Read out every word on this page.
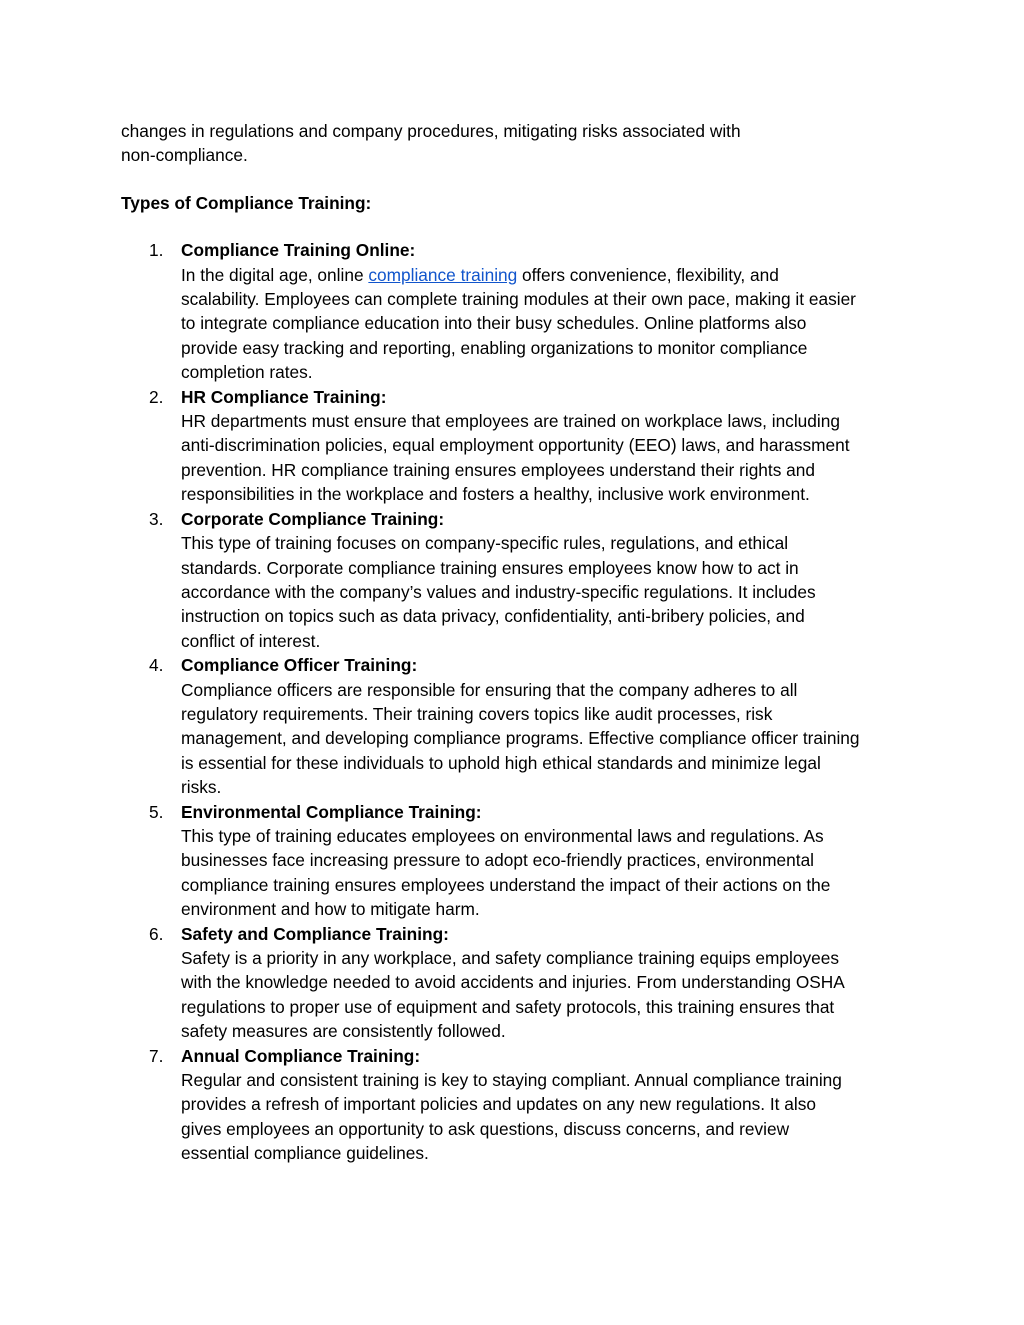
changes in regulations and company procedures, mitigating risks associated with
non-compliance.

Types of Compliance Training:

1.	Compliance Training Online:
In the digital age, online compliance training offers convenience, flexibility, and
scalability. Employees can complete training modules at their own pace, making it easier
to integrate compliance education into their busy schedules. Online platforms also
provide easy tracking and reporting, enabling organizations to monitor compliance
completion rates.
2.	HR Compliance Training:
HR departments must ensure that employees are trained on workplace laws, including
anti-discrimination policies, equal employment opportunity (EEO) laws, and harassment
prevention. HR compliance training ensures employees understand their rights and
responsibilities in the workplace and fosters a healthy, inclusive work environment.
3.	Corporate Compliance Training:
This type of training focuses on company-specific rules, regulations, and ethical
standards. Corporate compliance training ensures employees know how to act in
accordance with the company’s values and industry-specific regulations. It includes
instruction on topics such as data privacy, confidentiality, anti-bribery policies, and
conflict of interest.
4.	Compliance Officer Training:
Compliance officers are responsible for ensuring that the company adheres to all
regulatory requirements. Their training covers topics like audit processes, risk
management, and developing compliance programs. Effective compliance officer training
is essential for these individuals to uphold high ethical standards and minimize legal
risks.
5.	Environmental Compliance Training:
This type of training educates employees on environmental laws and regulations. As
businesses face increasing pressure to adopt eco-friendly practices, environmental
compliance training ensures employees understand the impact of their actions on the
environment and how to mitigate harm.
6.	Safety and Compliance Training:
Safety is a priority in any workplace, and safety compliance training equips employees
with the knowledge needed to avoid accidents and injuries. From understanding OSHA
regulations to proper use of equipment and safety protocols, this training ensures that
safety measures are consistently followed.
7.	Annual Compliance Training:
Regular and consistent training is key to staying compliant. Annual compliance training
provides a refresh of important policies and updates on any new regulations. It also
gives employees an opportunity to ask questions, discuss concerns, and review
essential compliance guidelines.
